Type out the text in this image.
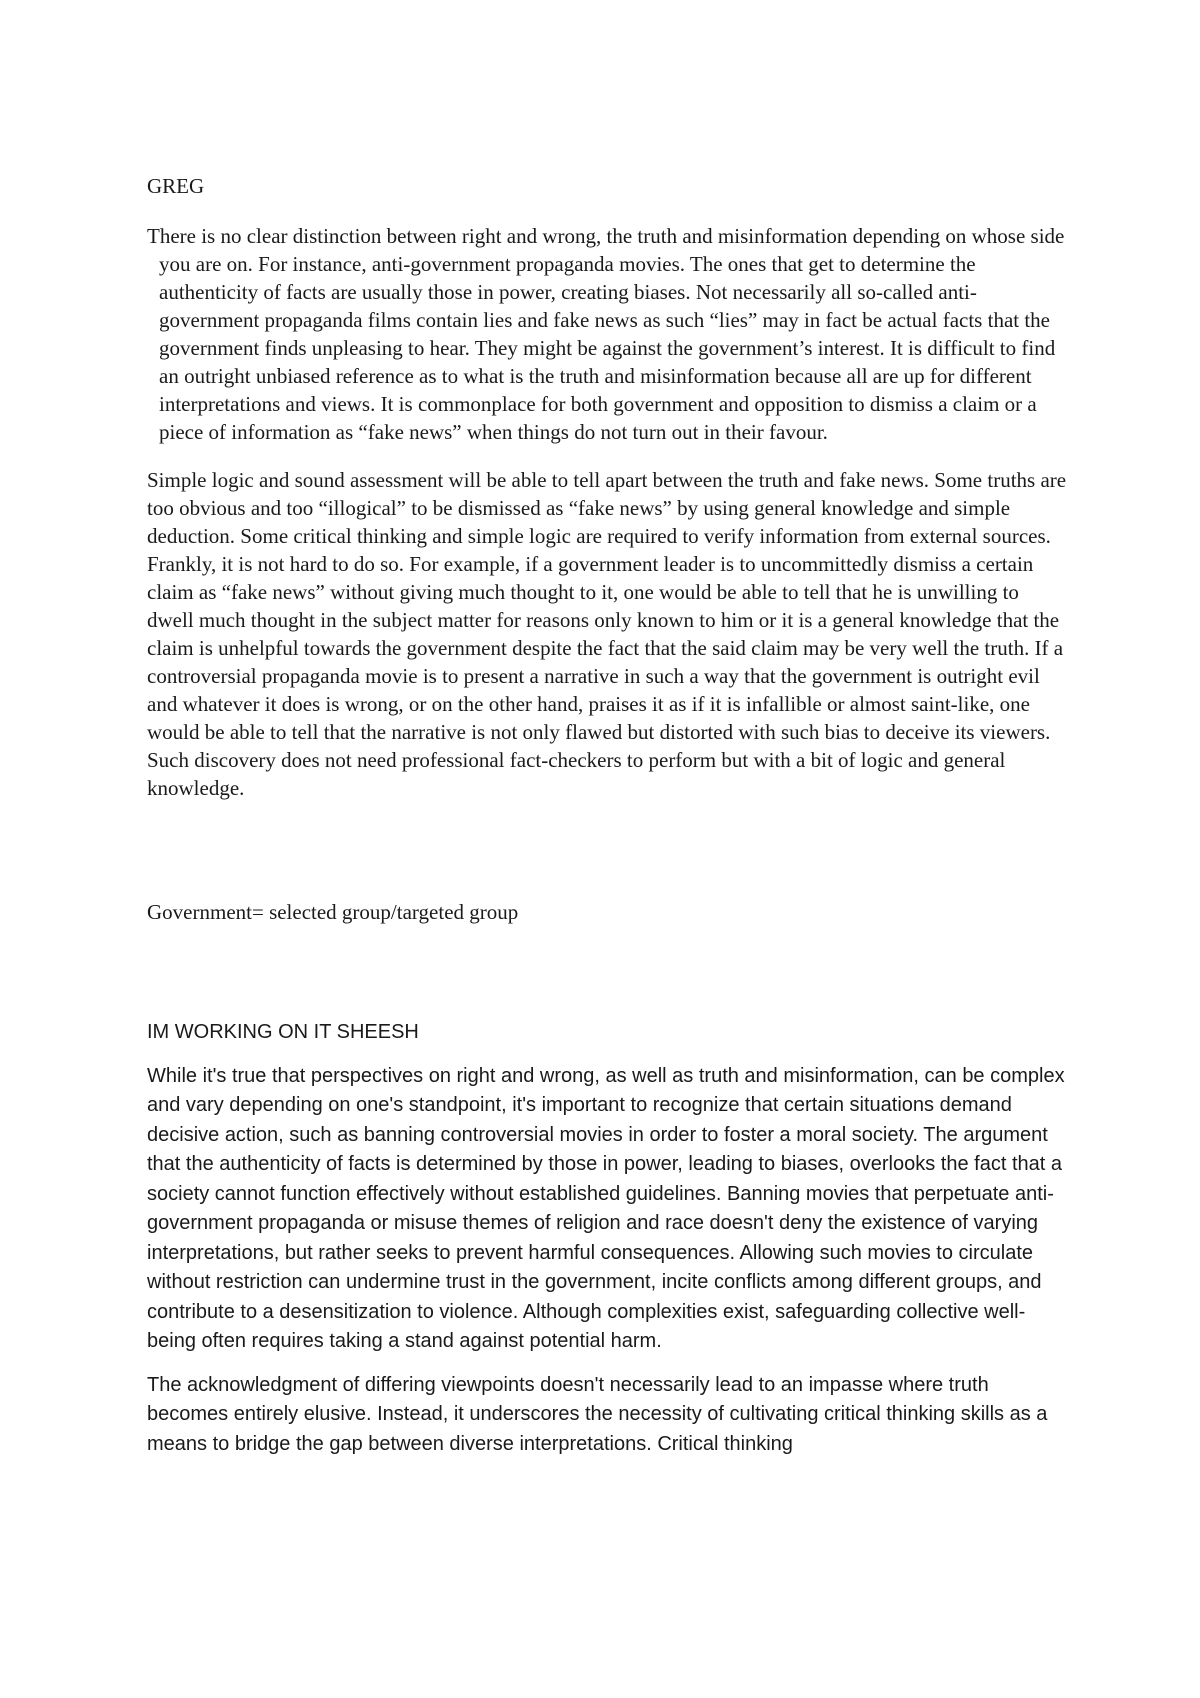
GREG

There is no clear distinction between right and wrong, the truth and misinformation depending on whose side you are on. For instance, anti-government propaganda movies. The ones that get to determine the authenticity of facts are usually those in power, creating biases. Not necessarily all so-called anti-government propaganda films contain lies and fake news as such “lies” may in fact be actual facts that the government finds unpleasing to hear. They might be against the government’s interest. It is difficult to find an outright unbiased reference as to what is the truth and misinformation because all are up for different interpretations and views. It is commonplace for both government and opposition to dismiss a claim or a piece of information as “fake news” when things do not turn out in their favour.

Simple logic and sound assessment will be able to tell apart between the truth and fake news. Some truths are too obvious and too “illogical” to be dismissed as “fake news” by using general knowledge and simple deduction. Some critical thinking and simple logic are required to verify information from external sources. Frankly, it is not hard to do so. For example, if a government leader is to uncommittedly dismiss a certain claim as “fake news” without giving much thought to it, one would be able to tell that he is unwilling to dwell much thought in the subject matter for reasons only known to him or it is a general knowledge that the claim is unhelpful towards the government despite the fact that the said claim may be very well the truth. If a controversial propaganda movie is to present a narrative in such a way that the government is outright evil and whatever it does is wrong, or on the other hand, praises it as if it is infallible or almost saint-like, one would be able to tell that the narrative is not only flawed but distorted with such bias to deceive its viewers. Such discovery does not need professional fact-checkers to perform but with a bit of logic and general knowledge.

Government= selected group/targeted group

IM WORKING ON IT SHEESH

While it's true that perspectives on right and wrong, as well as truth and misinformation, can be complex and vary depending on one's standpoint, it's important to recognize that certain situations demand decisive action, such as banning controversial movies in order to foster a moral society. The argument that the authenticity of facts is determined by those in power, leading to biases, overlooks the fact that a society cannot function effectively without established guidelines. Banning movies that perpetuate anti-government propaganda or misuse themes of religion and race doesn't deny the existence of varying interpretations, but rather seeks to prevent harmful consequences. Allowing such movies to circulate without restriction can undermine trust in the government, incite conflicts among different groups, and contribute to a desensitization to violence. Although complexities exist, safeguarding collective well-being often requires taking a stand against potential harm.

The acknowledgment of differing viewpoints doesn't necessarily lead to an impasse where truth becomes entirely elusive. Instead, it underscores the necessity of cultivating critical thinking skills as a means to bridge the gap between diverse interpretations. Critical thinking
